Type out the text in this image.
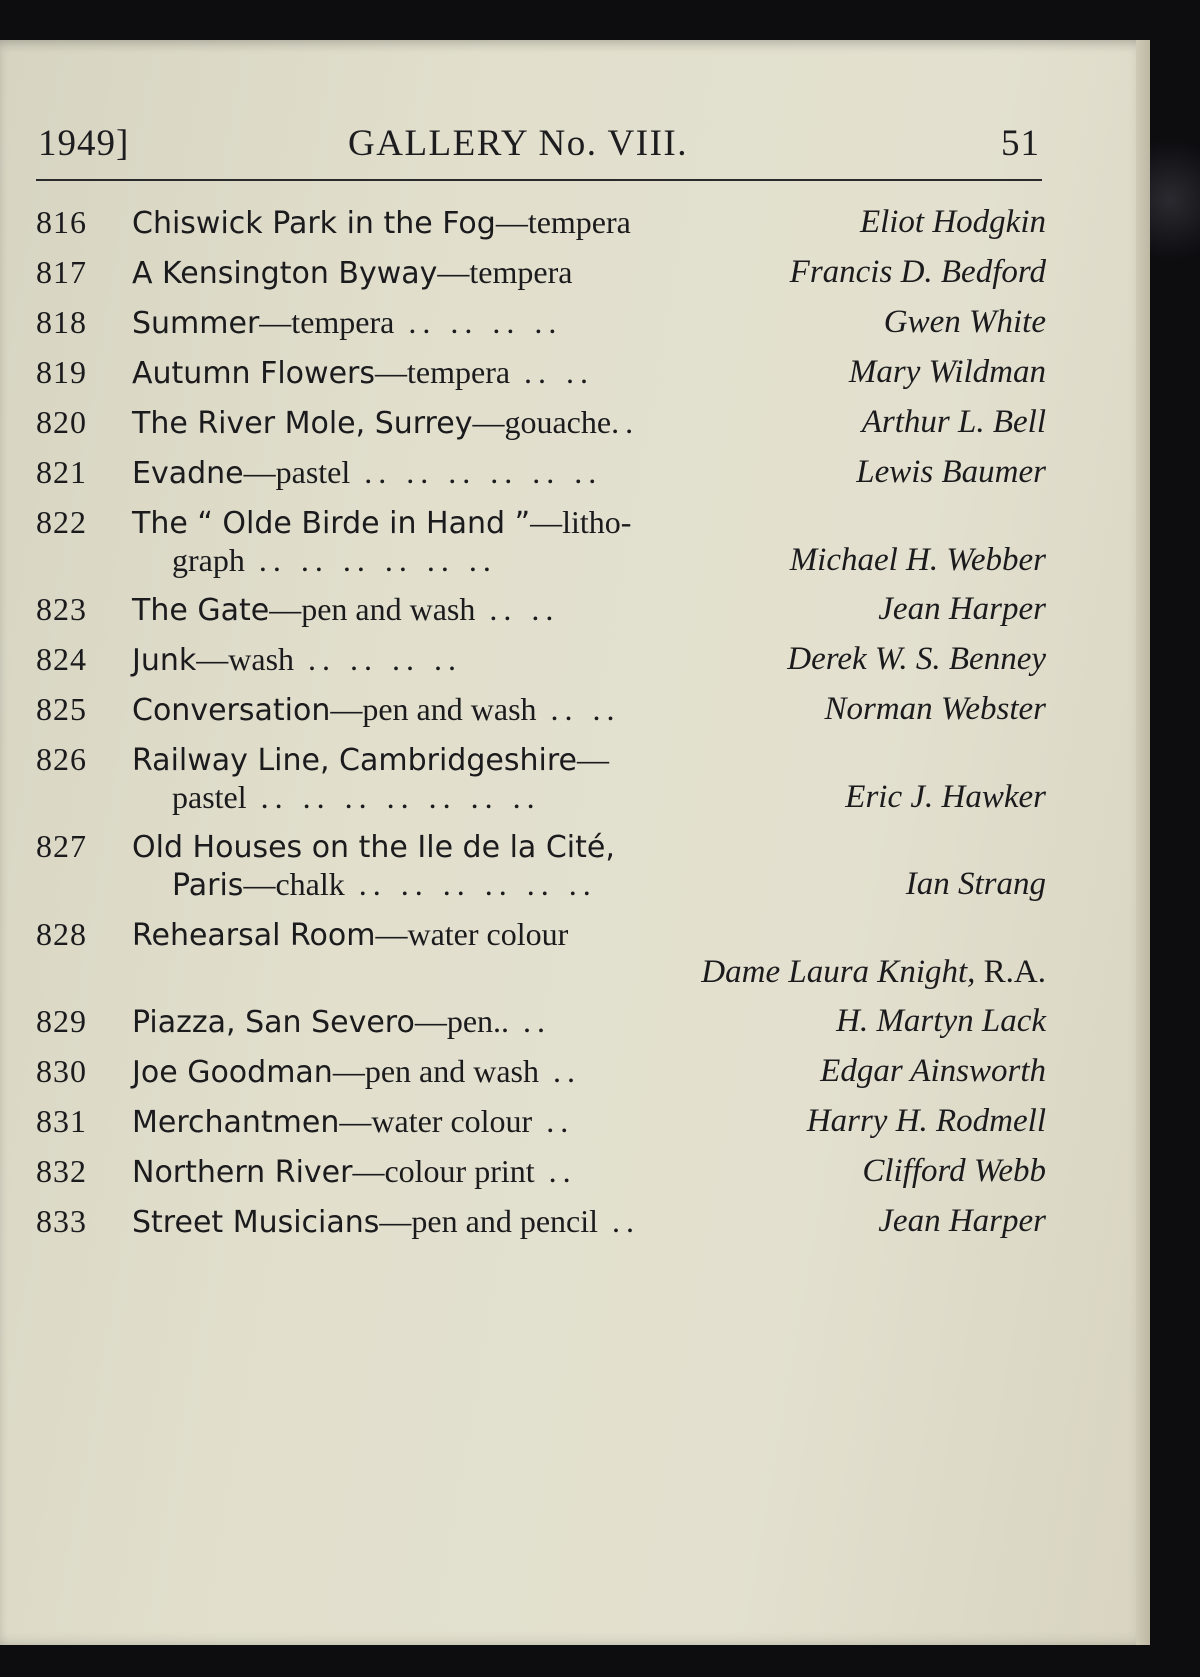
1949]	GALLERY No. VIII.	51
816	Chiswick Park in the Fog—tempera	Eliot Hodgkin
817	A Kensington Byway—tempera	Francis D. Bedford
818	Summer—tempera .. .. .. ..	Gwen White
819	Autumn Flowers—tempera .. ..	Mary Wildman
820	The River Mole, Surrey—gouache..	Arthur L. Bell
821	Evadne—pastel .. .. .. .. .. ..	Lewis Baumer
822	The “ Olde Birde in Hand ”—litho-
graph .. .. .. .. .. ..	Michael H. Webber
823	The Gate—pen and wash .. ..	Jean Harper
824	Junk—wash .. .. .. ..	Derek W. S. Benney
825	Conversation—pen and wash .. ..	Norman Webster
826	Railway Line, Cambridgeshire—
pastel .. .. .. .. .. .. ..	Eric J. Hawker
827	Old Houses on the Ile de la Cité,
Paris—chalk .. .. .. .. .. ..	Ian Strang
828	Rehearsal Room—water colour
Dame Laura Knight, R.A.
829	Piazza, San Severo—pen.. ..	H. Martyn Lack
830	Joe Goodman—pen and wash ..	Edgar Ainsworth
831	Merchantmen—water colour ..	Harry H. Rodmell
832	Northern River—colour print ..	Clifford Webb
833	Street Musicians—pen and pencil ..	Jean Harper
